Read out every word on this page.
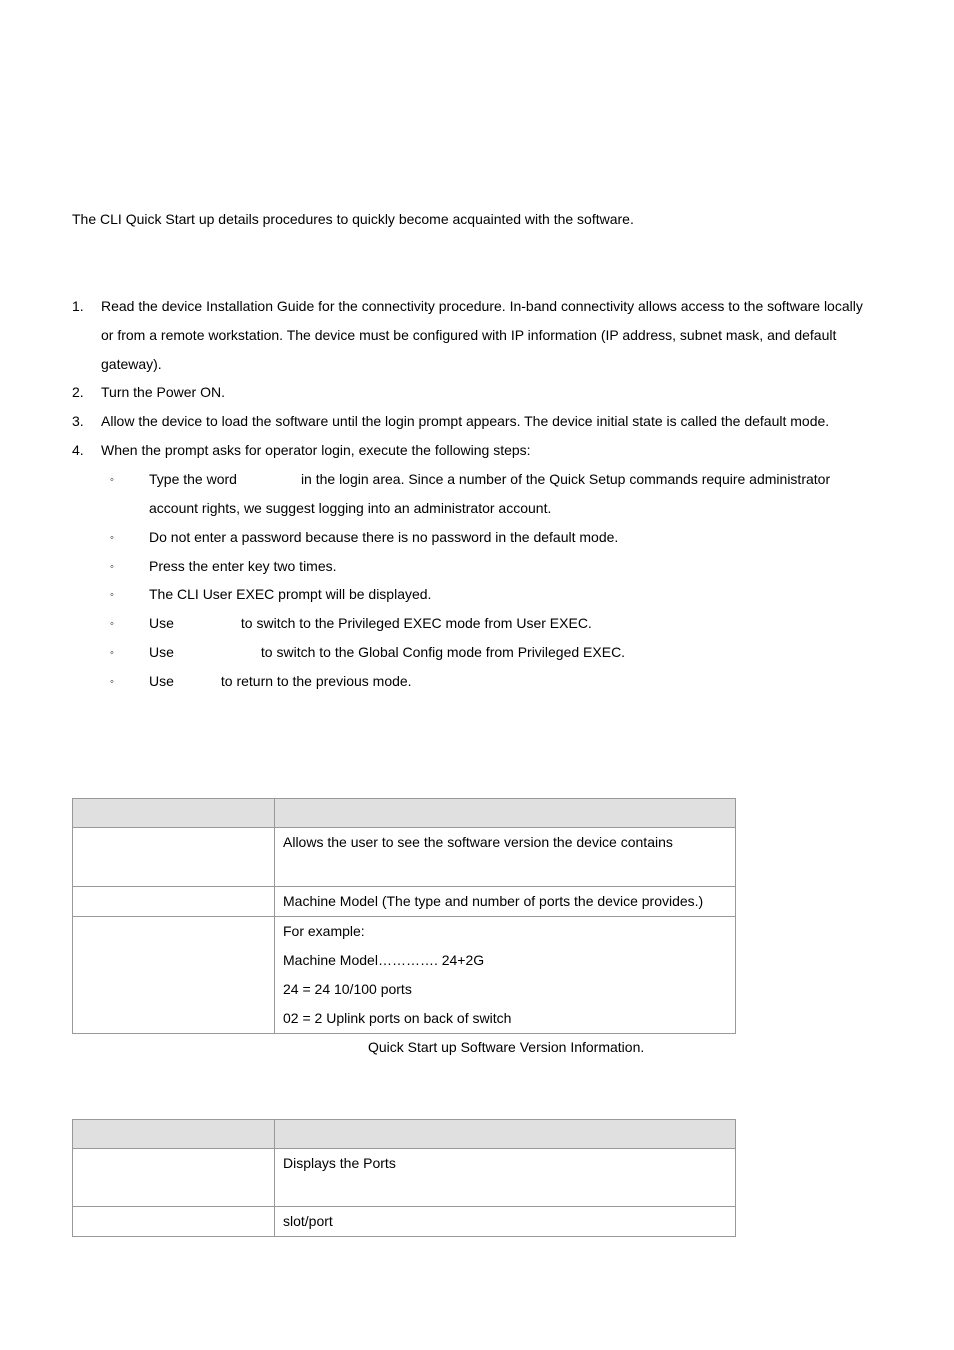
The CLI Quick Start up details procedures to quickly become acquainted with the software.
1. Read the device Installation Guide for the connectivity procedure. In-band connectivity allows access to the software locally
or from a remote workstation. The device must be configured with IP information (IP address, subnet mask, and default
gateway).
2. Turn the Power ON.
3. Allow the device to load the software until the login prompt appears. The device initial state is called the default mode.
4. When the prompt asks for operator login, execute the following steps:
◦	Type the word	in the login area. Since a number of the Quick Setup commands require administrator
account rights, we suggest logging into an administrator account.
◦	Do not enter a password because there is no password in the default mode.
◦	Press the enter key two times.
◦	The CLI User EXEC prompt will be displayed.
◦	Use	to switch to the Privileged EXEC mode from User EXEC.
◦	Use	to switch to the Global Config mode from Privileged EXEC.
◦	Use	to return to the previous mode.

	Allows the user to see the software version the device contains

	Machine Model (The type and number of ports the device provides.)

	For example:
Machine Model…………. 24+2G
24 = 24 10/100 ports
02 = 2 Uplink ports on back of switch
Quick Start up Software Version Information.

	Displays the Ports

	slot/port
